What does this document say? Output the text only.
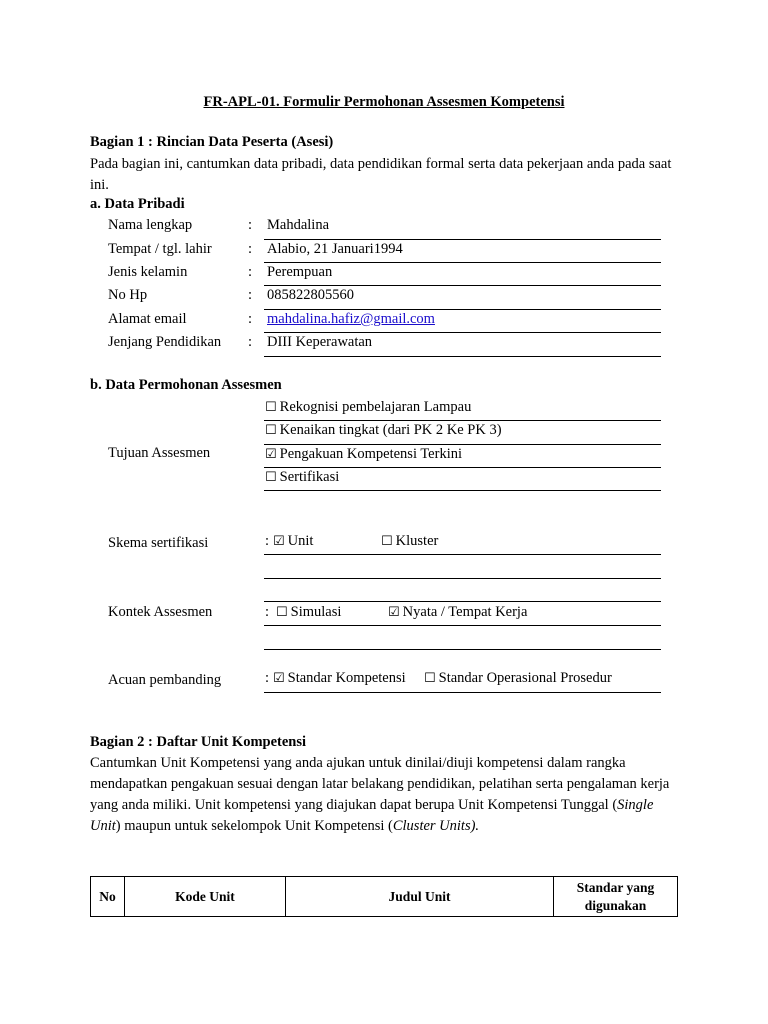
FR-APL-01. Formulir Permohonan Assesmen Kompetensi
Bagian 1 : Rincian Data Peserta (Asesi)
Pada bagian ini, cantumkan data pribadi, data pendidikan formal serta data pekerjaan anda pada saat ini.
a. Data Pribadi
Nama lengkap	: Mahdalina
Tempat / tgl. lahir	: Alabio, 21 Januari1994
Jenis kelamin	: Perempuan
No Hp	: 085822805560
Alamat email	: mahdalina.hafiz@gmail.com
Jenjang Pendidikan : DIII Keperawatan
b. Data Permohonan Assesmen
Tujuan Assesmen
☐ Rekognisi pembelajaran Lampau
☐ Kenaikan tingkat (dari PK 2 Ke PK 3)
☑ Pengakuan Kompetensi Terkini
☐ Sertifikasi
Skema sertifikasi	: ☑ Unit	☐ Kluster
Kontek Assesmen	: ☐ Simulasi	☑ Nyata / Tempat Kerja
Acuan pembanding	: ☑ Standar Kompetensi ☐ Standar Operasional Prosedur
Bagian 2 : Daftar Unit Kompetensi
Cantumkan Unit Kompetensi yang anda ajukan untuk dinilai/diuji kompetensi dalam rangka mendapatkan pengakuan sesuai dengan latar belakang pendidikan, pelatihan serta pengalaman kerja yang anda miliki. Unit kompetensi yang diajukan dapat berupa Unit Kompetensi Tunggal (Single Unit) maupun untuk sekelompok Unit Kompetensi (Cluster Units).
No	Kode Unit	Judul Unit	Standar yang digunakan
